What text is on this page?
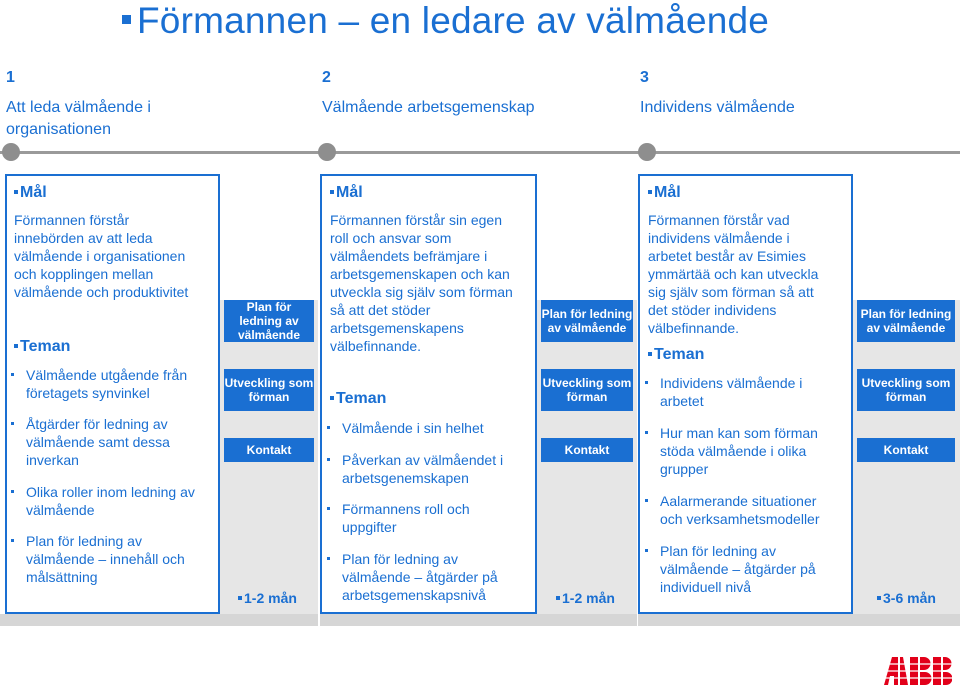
Förmannen – en ledare av välmående
1
Att leda välmående i
organisationen
2
Välmående arbetsgemenskap
3
Individens välmående
Mål
Förmannen förstår
innebörden av att leda
välmående i organisationen
och kopplingen mellan
välmående och produktivitet
Teman
Välmående utgående från
företagets synvinkel
Åtgärder för ledning av
välmående samt dessa
inverkan
Olika roller inom ledning av
välmående
Plan för ledning av
välmående – innehåll och
målsättning
Plan för ledning av välmående
Utveckling som förman
Kontakt
1-2 mån
Mål
Förmannen förstår sin egen
roll och ansvar som
välmåendets befrämjare i
arbetsgemenskapen och kan
utveckla sig själv som förman
så att det stöder
arbetsgemenskapens
välbefinnande.
Teman
Välmående i sin helhet
Påverkan av välmåendet i
arbetsgenemskapen
Förmannens roll och
uppgifter
Plan för ledning av
välmående – åtgärder på
arbetsgemenskapsnivå
Plan för ledning av välmående
Utveckling som förman
Kontakt
1-2 mån
Mål
Förmannen förstår vad
individens välmående i
arbetet består av Esimies
ymmärtää och kan utveckla
sig själv som förman så att
det stöder individens
välbefinnande.
Teman
Individens välmående i
arbetet
Hur man kan som förman
stöda välmående i olika
grupper
Aalarmerande situationer
och verksamhetsmodeller
Plan för ledning av
välmående – åtgärder på
individuell nivå
Plan för ledning av välmående
Utveckling som förman
Kontakt
3-6 mån
